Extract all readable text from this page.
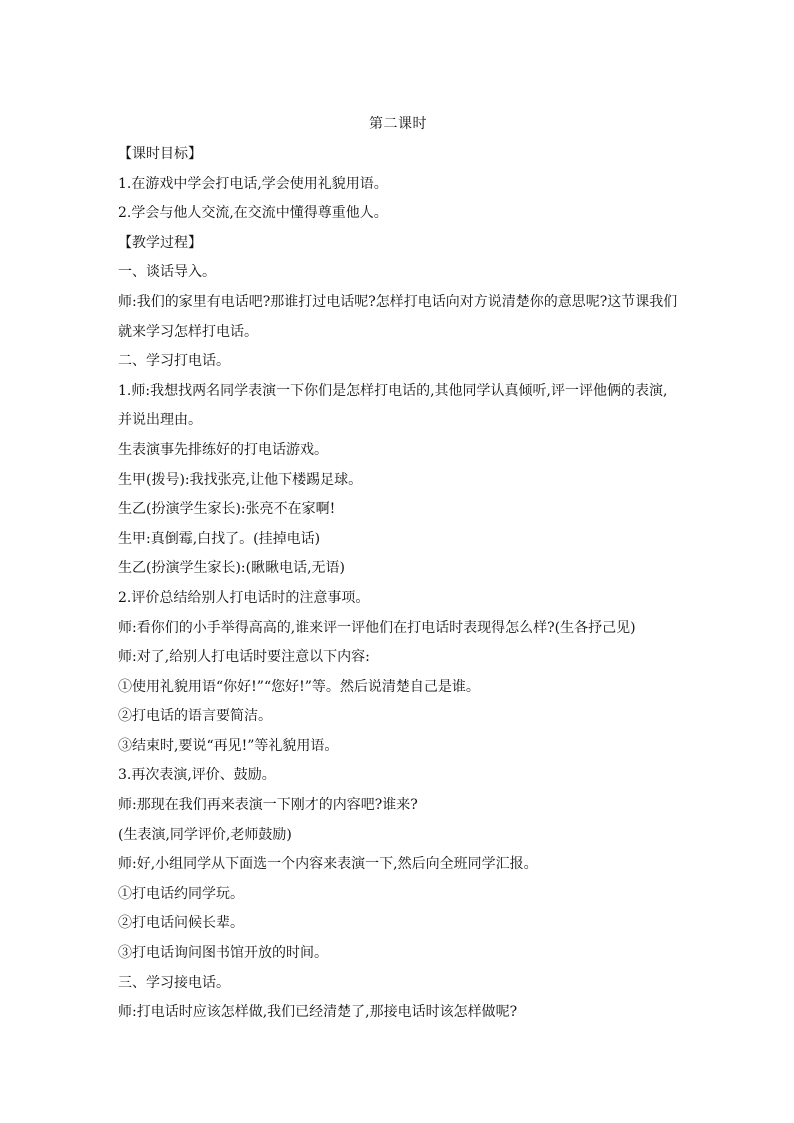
第二课时

【课时目标】

1.在游戏中学会打电话,学会使用礼貌用语。

2.学会与他人交流,在交流中懂得尊重他人。

【教学过程】

一、谈话导入。

师:我们的家里有电话吧?那谁打过电话呢?怎样打电话向对方说清楚你的意思呢?这节课我们

就来学习怎样打电话。

二、学习打电话。

1.师:我想找两名同学表演一下你们是怎样打电话的,其他同学认真倾听,评一评他俩的表演,

并说出理由。

生表演事先排练好的打电话游戏。

生甲(拨号):我找张亮,让他下楼踢足球。

生乙(扮演学生家长):张亮不在家啊!

生甲:真倒霉,白找了。(挂掉电话)

生乙(扮演学生家长):(瞅瞅电话,无语)

2.评价总结给别人打电话时的注意事项。

师:看你们的小手举得高高的,谁来评一评他们在打电话时表现得怎么样?(生各抒己见)

师:对了,给别人打电话时要注意以下内容:

①使用礼貌用语“你好!”“您好!”等。然后说清楚自己是谁。

②打电话的语言要简洁。

③结束时,要说“再见!”等礼貌用语。

3.再次表演,评价、鼓励。

师:那现在我们再来表演一下刚才的内容吧?谁来?

(生表演,同学评价,老师鼓励)

师:好,小组同学从下面选一个内容来表演一下,然后向全班同学汇报。

①打电话约同学玩。

②打电话问候长辈。

③打电话询问图书馆开放的时间。

三、学习接电话。

师:打电话时应该怎样做,我们已经清楚了,那接电话时该怎样做呢?
